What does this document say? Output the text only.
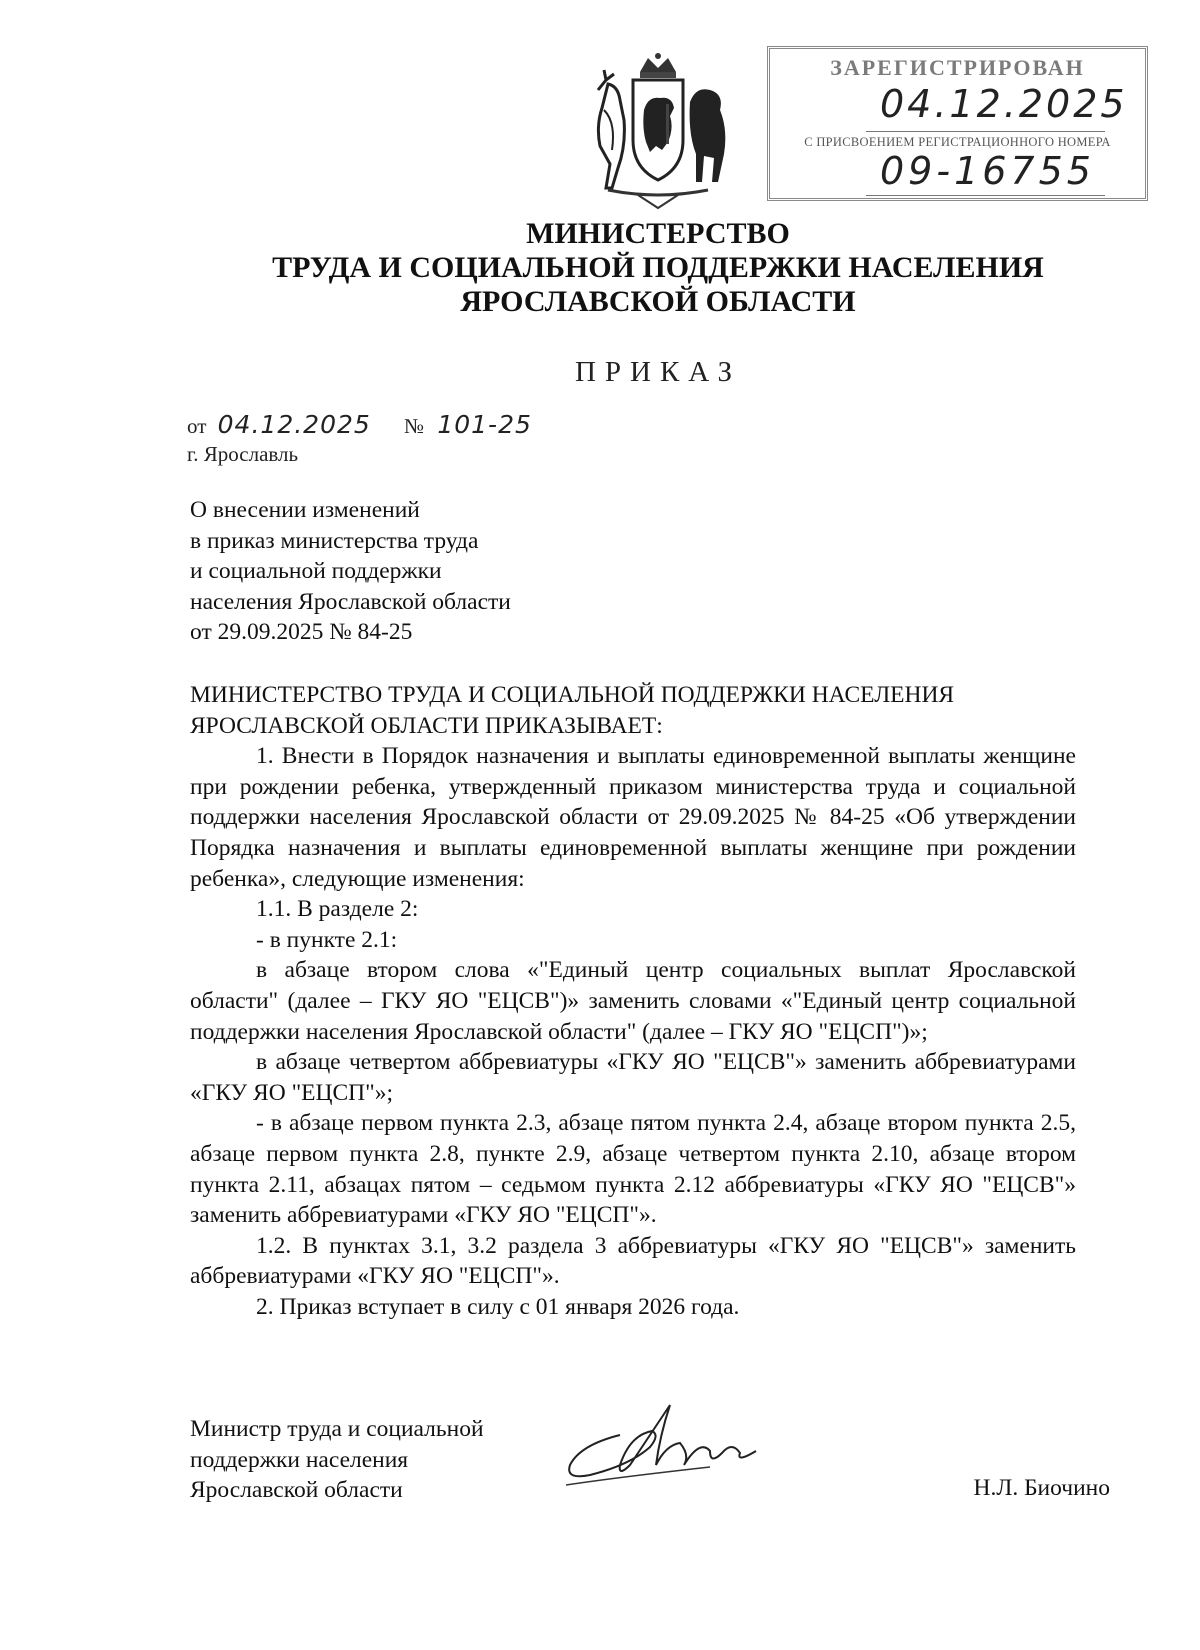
ЗАРЕГИСТРИРОВАН
04.12.2025
С ПРИСВОЕНИЕМ РЕГИСТРАЦИОННОГО НОМЕРА
09-16755
МИНИСТЕРСТВО
ТРУДА И СОЦИАЛЬНОЙ ПОДДЕРЖКИ НАСЕЛЕНИЯ
ЯРОСЛАВСКОЙ ОБЛАСТИ
ПРИКАЗ
от 04.12.2025 № 101-25
г. Ярославль
О внесении изменений
в приказ министерства труда
и социальной поддержки
населения Ярославской области
от 29.09.2025 № 84-25

МИНИСТЕРСТВО ТРУДА И СОЦИАЛЬНОЙ ПОДДЕРЖКИ НАСЕЛЕНИЯ ЯРОСЛАВСКОЙ ОБЛАСТИ ПРИКАЗЫВАЕТ:

1. Внести в Порядок назначения и выплаты единовременной выплаты женщине при рождении ребенка, утвержденный приказом министерства труда и социальной поддержки населения Ярославской области от 29.09.2025 № 84-25 «Об утверждении Порядка назначения и выплаты единовременной выплаты женщине при рождении ребенка», следующие изменения:

1.1. В разделе 2:

- в пункте 2.1:

в абзаце втором слова «"Единый центр социальных выплат Ярославской области" (далее – ГКУ ЯО "ЕЦСВ")» заменить словами «"Единый центр социальной поддержки населения Ярославской области" (далее – ГКУ ЯО "ЕЦСП")»;

в абзаце четвертом аббревиатуры «ГКУ ЯО "ЕЦСВ"» заменить аббревиатурами «ГКУ ЯО "ЕЦСП"»;

- в абзаце первом пункта 2.3, абзаце пятом пункта 2.4, абзаце втором пункта 2.5, абзаце первом пункта 2.8, пункте 2.9, абзаце четвертом пункта 2.10, абзаце втором пункта 2.11, абзацах пятом – седьмом пункта 2.12 аббревиатуры «ГКУ ЯО "ЕЦСВ"» заменить аббревиатурами «ГКУ ЯО "ЕЦСП"».

1.2. В пунктах 3.1, 3.2 раздела 3 аббревиатуры «ГКУ ЯО "ЕЦСВ"» заменить аббревиатурами «ГКУ ЯО "ЕЦСП"».

2. Приказ вступает в силу с 01 января 2026 года.

Министр труда и социальной
поддержки населения
Ярославской области	Н.Л. Биочино
